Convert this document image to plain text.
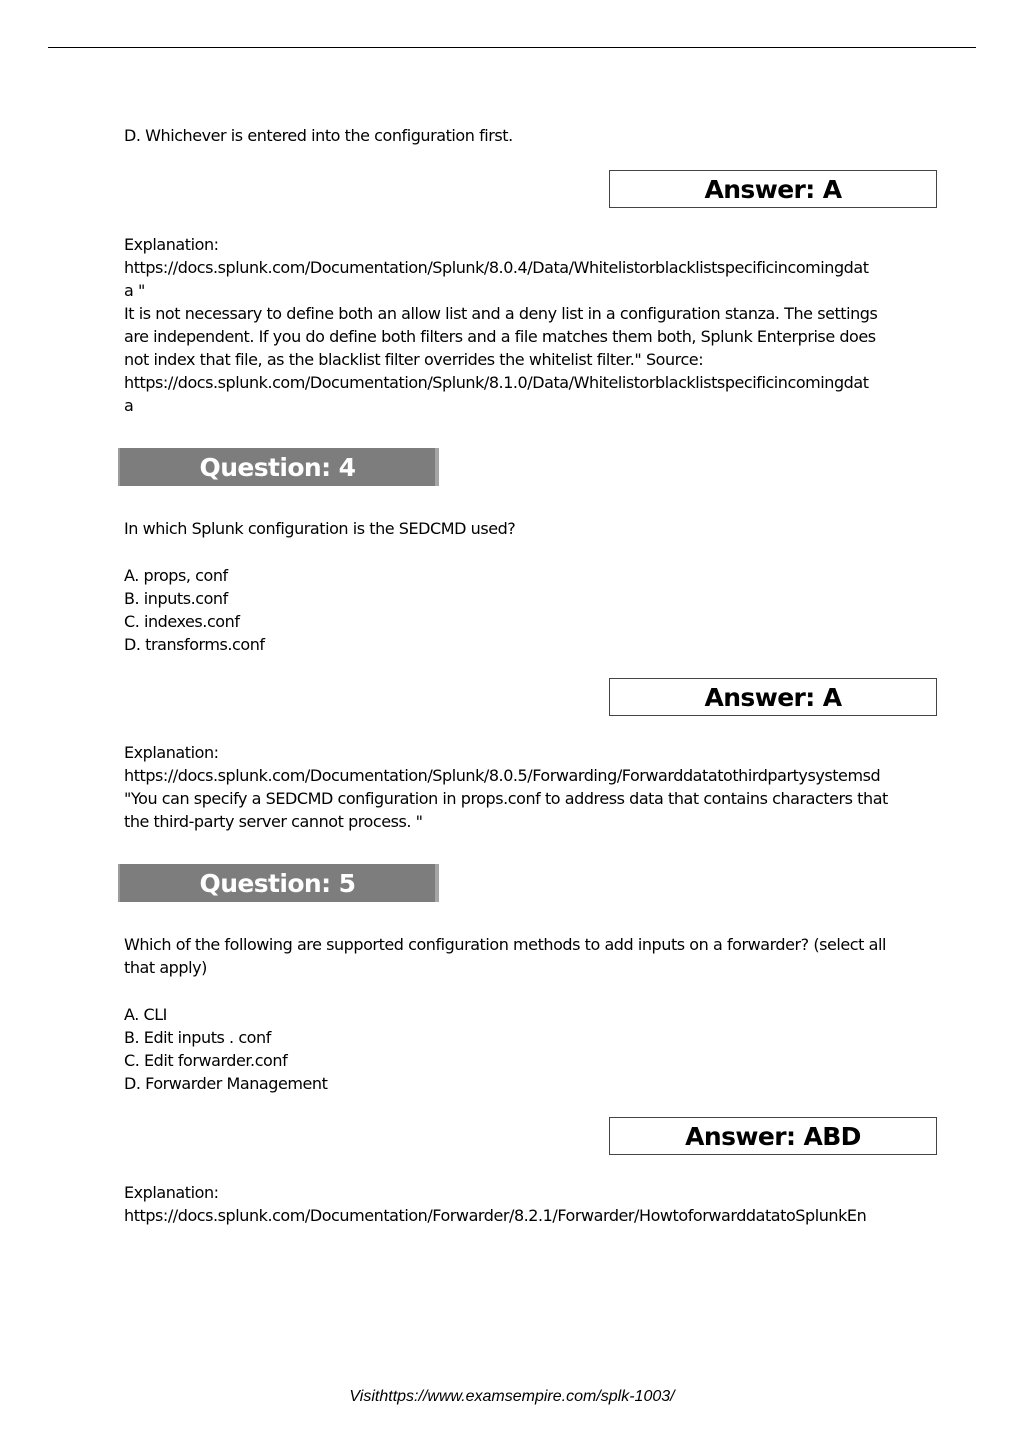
D. Whichever is entered into the configuration first.

Answer: A

Explanation:
https://docs.splunk.com/Documentation/Splunk/8.0.4/Data/Whitelistorblacklistspecificincomingdat
a "
It is not necessary to define both an allow list and a deny list in a configuration stanza. The settings
are independent. If you do define both filters and a file matches them both, Splunk Enterprise does
not index that file, as the blacklist filter overrides the whitelist filter." Source:
https://docs.splunk.com/Documentation/Splunk/8.1.0/Data/Whitelistorblacklistspecificincomingdat
a

Question: 4

In which Splunk configuration is the SEDCMD used?

A. props, conf

B. inputs.conf

C. indexes.conf

D. transforms.conf

Answer: A

Explanation:
https://docs.splunk.com/Documentation/Splunk/8.0.5/Forwarding/Forwarddatatothirdpartysystemsd
"You can specify a SEDCMD configuration in props.conf to address data that contains characters that
the third-party server cannot process. "

Question: 5

Which of the following are supported configuration methods to add inputs on a forwarder? (select all
that apply)

A. CLI

B. Edit inputs . conf

C. Edit forwarder.conf

D. Forwarder Management

Answer: ABD

Explanation:
https://docs.splunk.com/Documentation/Forwarder/8.2.1/Forwarder/HowtoforwarddatatoSplunkEn

Visithttps://www.examsempire.com/splk-1003/
